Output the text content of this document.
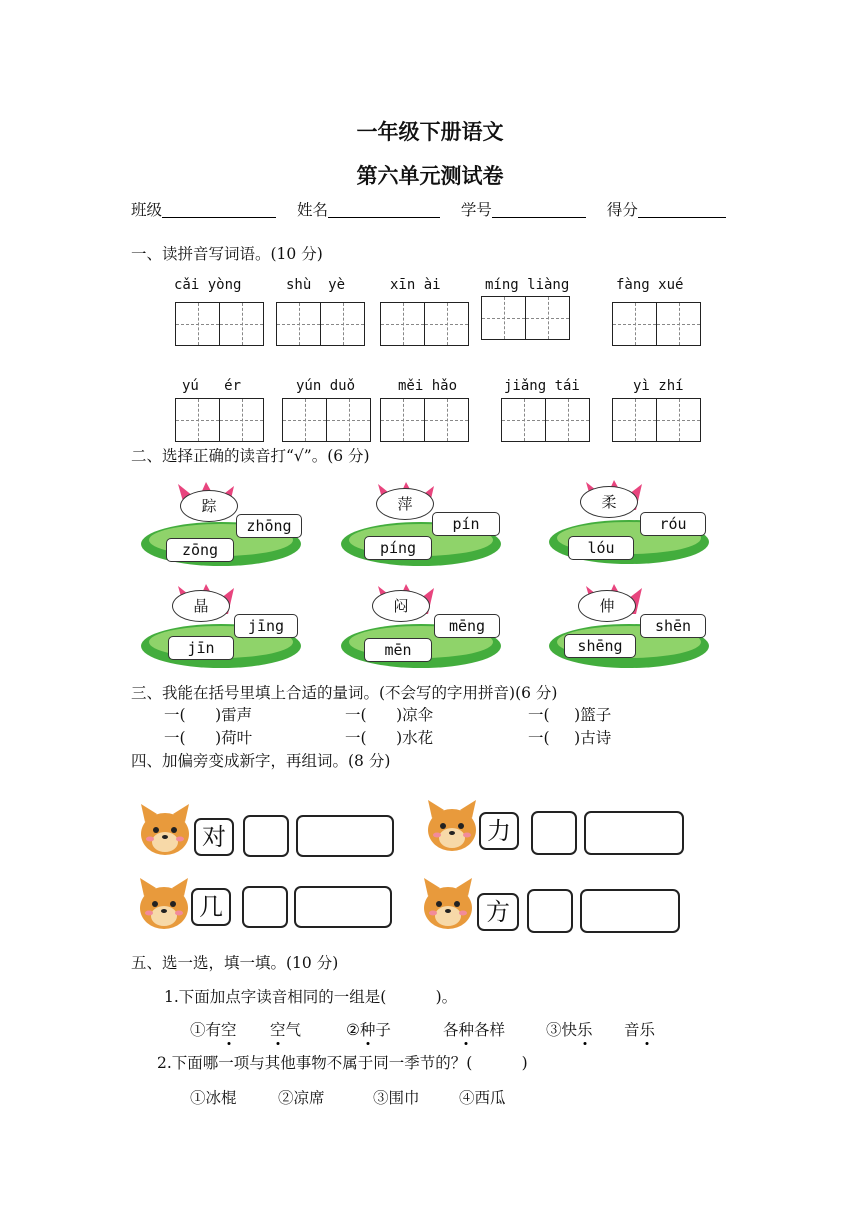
一年级下册语文
第六单元测试卷
班级	姓名	学号	得分
一、读拼音写词语。(10 分)
cǎi yòng	shù  yè	xīn ài	míng liàng	fàng xué
yú   ér	yún duǒ	měi hǎo	jiǎng tái	yì zhí
二、选择正确的读音打“√”。(6 分)
踪
zhōng
zōng
萍
pín
píng
柔
róu
lóu
晶
jīng
jīn
闷
mēng
mēn
伸
shēn
shēng
三、我能在括号里填上合适的量词。(不会写的字用拼音)(6 分)
一(      )雷声	一(      )凉伞	一(     )篮子
一(      )荷叶	一(      )水花	一(     )古诗
四、加偏旁变成新字，再组词。(8 分)
对	力
几	方
五、选一选，填一填。(10 分)
1.下面加点字读音相同的一组是(          )。
①有空 空气	②种子	各种各样	③快乐 音乐
2.下面哪一项与其他事物不属于同一季节的？(          )
①冰棍	②凉席	③围巾	④西瓜
